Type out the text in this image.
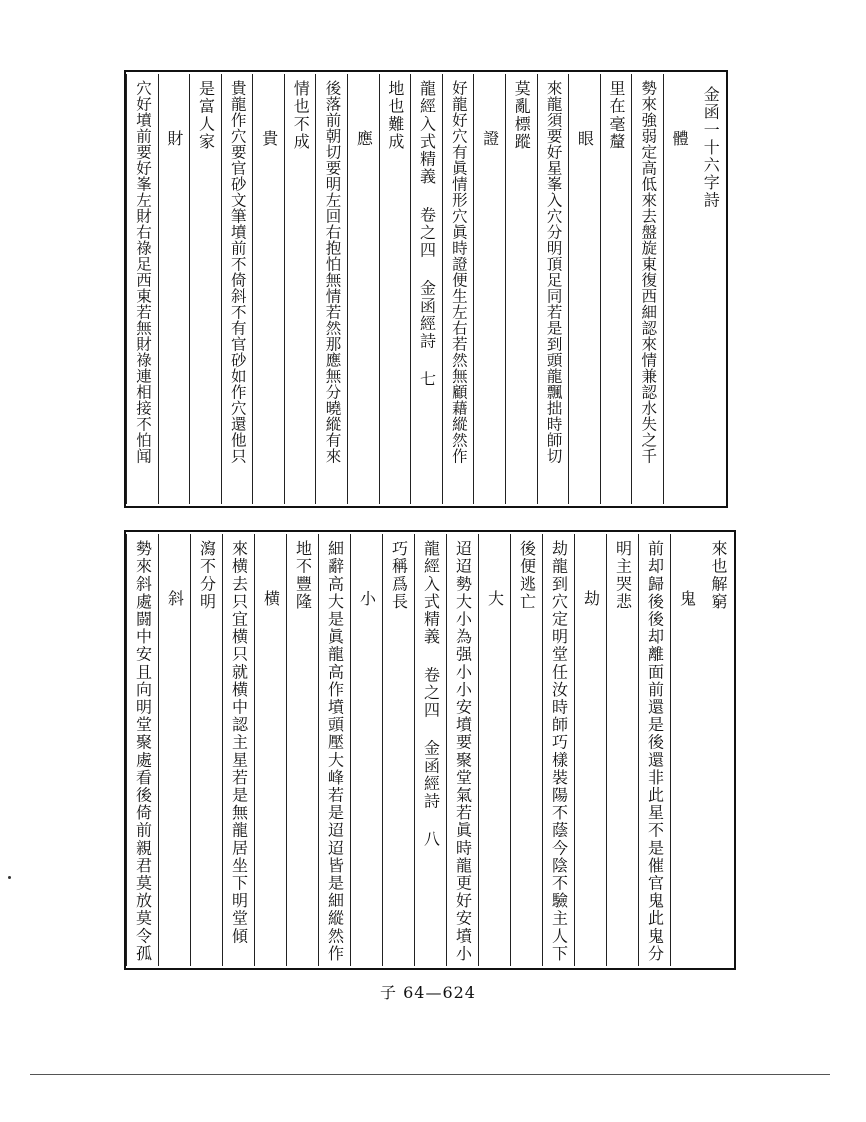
金函一十六字詩
體
勢來強弱定高低來去盤旋東復西細認來情兼認水失之千
里在毫釐
眼
來龍須要好星峯入穴分明頂足同若是到頭龍飄拙時師切
莫亂標蹤
證
好龍好穴有眞情形穴眞時證便生左右若然無顧藉縱然作
龍經入式精義 卷之四 金函經詩 七
地也難成
應
後落前朝切要明左回右抱怕無情若然那應無分曉縱有來
情也不成
貴
貴龍作穴要官砂文筆墳前不倚斜不有官砂如作穴還他只
是富人家
財
穴好墳前要好峯左財右祿足西東若無財祿連相接不怕闻
來也解窮
鬼
前却歸後後却離面前還是後還非此星不是催官鬼此鬼分
明主哭悲
劫
劫龍到穴定明堂任汝時師巧樣裝陽不蔭今陰不驗主人下
後便逃亡
大
迢迢勢大小為强小小安墳要聚堂氣若眞時龍更好安墳小
龍經入式精義 卷之四 金函經詩 八
巧稱爲長
小
細辭高大是眞龍高作墳頭壓大峰若是迢迢皆是細縱然作
地不豐隆
横
來横去只宜横只就横中認主星若是無龍居坐下明堂傾
瀉不分明
斜
勢來斜處闘中安且向明堂聚處看後倚前親君莫放莫令孤
子 64—624
